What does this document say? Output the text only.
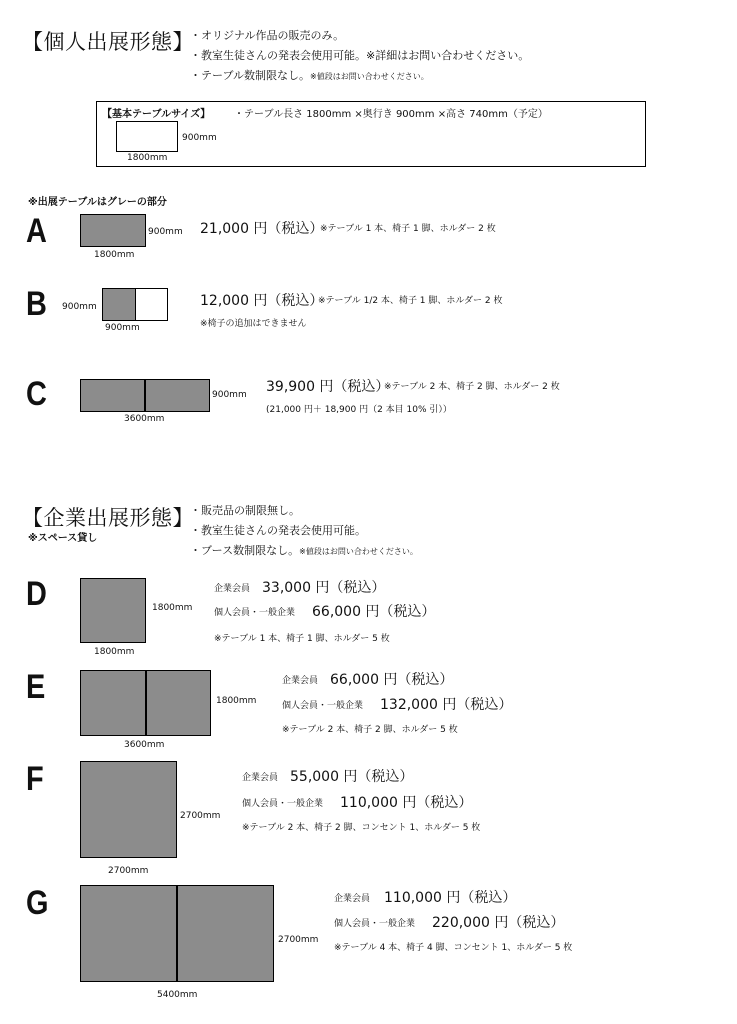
【個人出展形態】
・オリジナル作品の販売のみ。
・教室生徒さんの発表会使用可能。※詳細はお問い合わせください。
・テーブル数制限なし。※値段はお問い合わせください。
【基本テーブルサイズ】 ・テーブル長さ 1800mm ×奥行き 900mm ×高さ 740mm（予定）
900mm
1800mm
※出展テーブルはグレーの部分
A	900mm
1800mm
21,000 円（税込）
※テーブル 1 本、椅子 1 脚、ホルダー 2 枚
B 900mm
900mm
12,000 円（税込）
※テーブル 1/2 本、椅子 1 脚、ホルダー 2 枚
※椅子の追加はできません
C	900mm
3600mm
39,900 円（税込）
※テーブル 2 本、椅子 2 脚、ホルダー 2 枚
(21,000 円＋ 18,900 円（2 本目 10% 引））
【企業出展形態】
※スペース貸し
・販売品の制限無し。
・教室生徒さんの発表会使用可能。
・ブース数制限なし。※値段はお問い合わせください。
D	1800mm
1800mm
企業会員 33,000 円（税込）
個人会員・一般企業 66,000 円（税込）
※テーブル 1 本、椅子 1 脚、ホルダー 5 枚
E	1800mm
3600mm
企業会員 66,000 円（税込）
個人会員・一般企業 132,000 円（税込）
※テーブル 2 本、椅子 2 脚、ホルダー 5 枚
F
2700mm
2700mm
企業会員 55,000 円（税込）
個人会員・一般企業 110,000 円（税込）
※テーブル 2 本、椅子 2 脚、コンセント 1、ホルダー 5 枚
G
2700mm
5400mm
企業会員 110,000 円（税込）
個人会員・一般企業 220,000 円（税込）
※テーブル 4 本、椅子 4 脚、コンセント 1、ホルダー 5 枚
